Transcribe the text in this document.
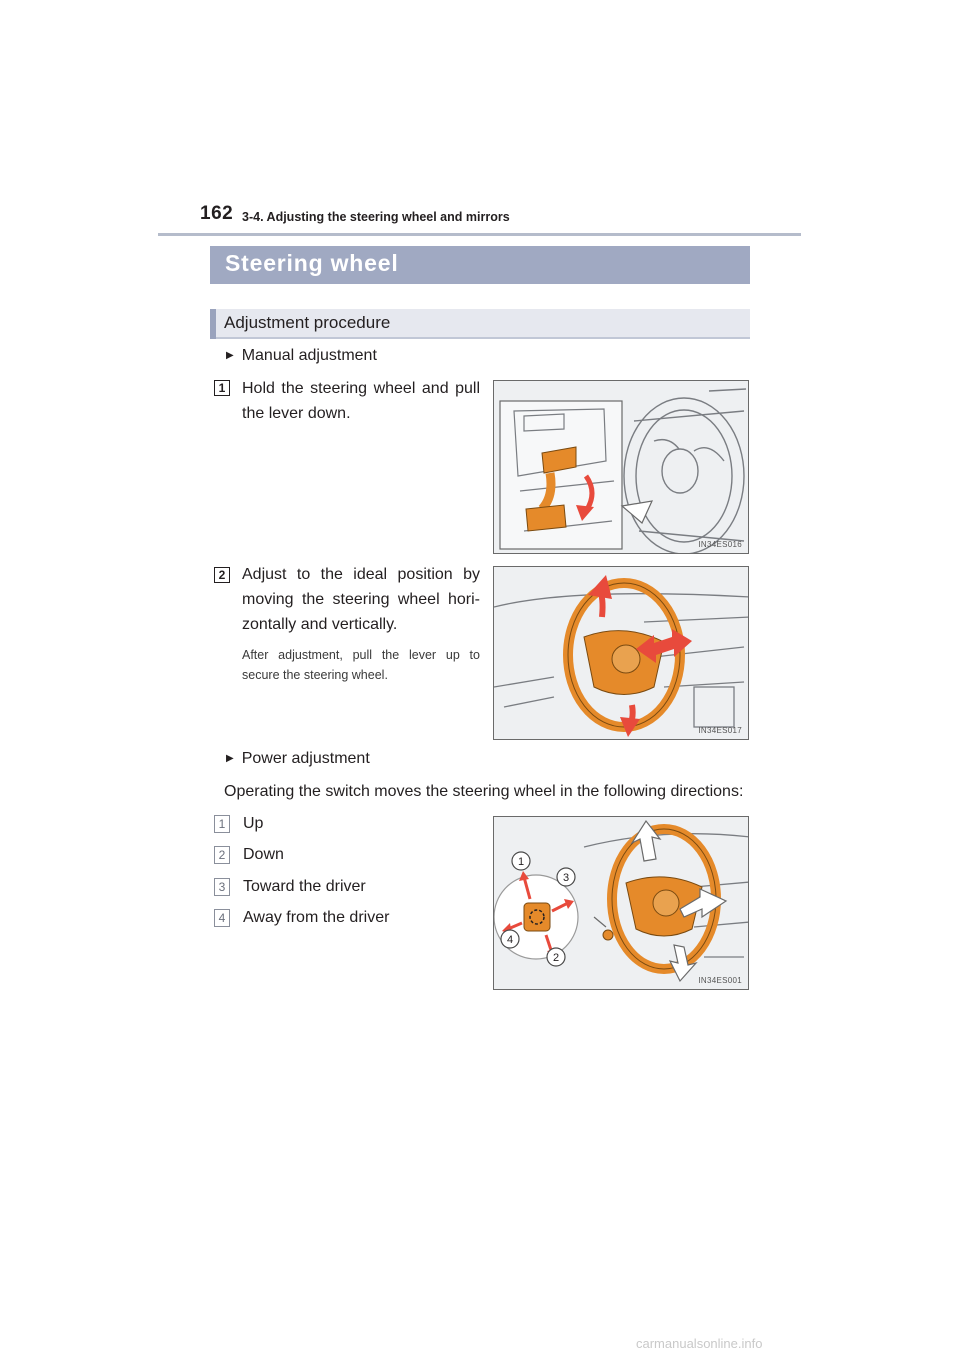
162 3-4. Adjusting the steering wheel and mirrors
Steering wheel
Adjustment procedure
▶ Manual adjustment
1 Hold the steering wheel and pull the lever down.
IN34ES016
2 Adjust to the ideal position by moving the steering wheel hori-zontally and vertically.
After adjustment, pull the lever up to secure the steering wheel.
IN34ES017
▶ Power adjustment
Operating the switch moves the steering wheel in the following directions:
1 Up
2 Down
3 Toward the driver
4 Away from the driver
1
2
3
4
IN34ES001
carmanualsonline.info
